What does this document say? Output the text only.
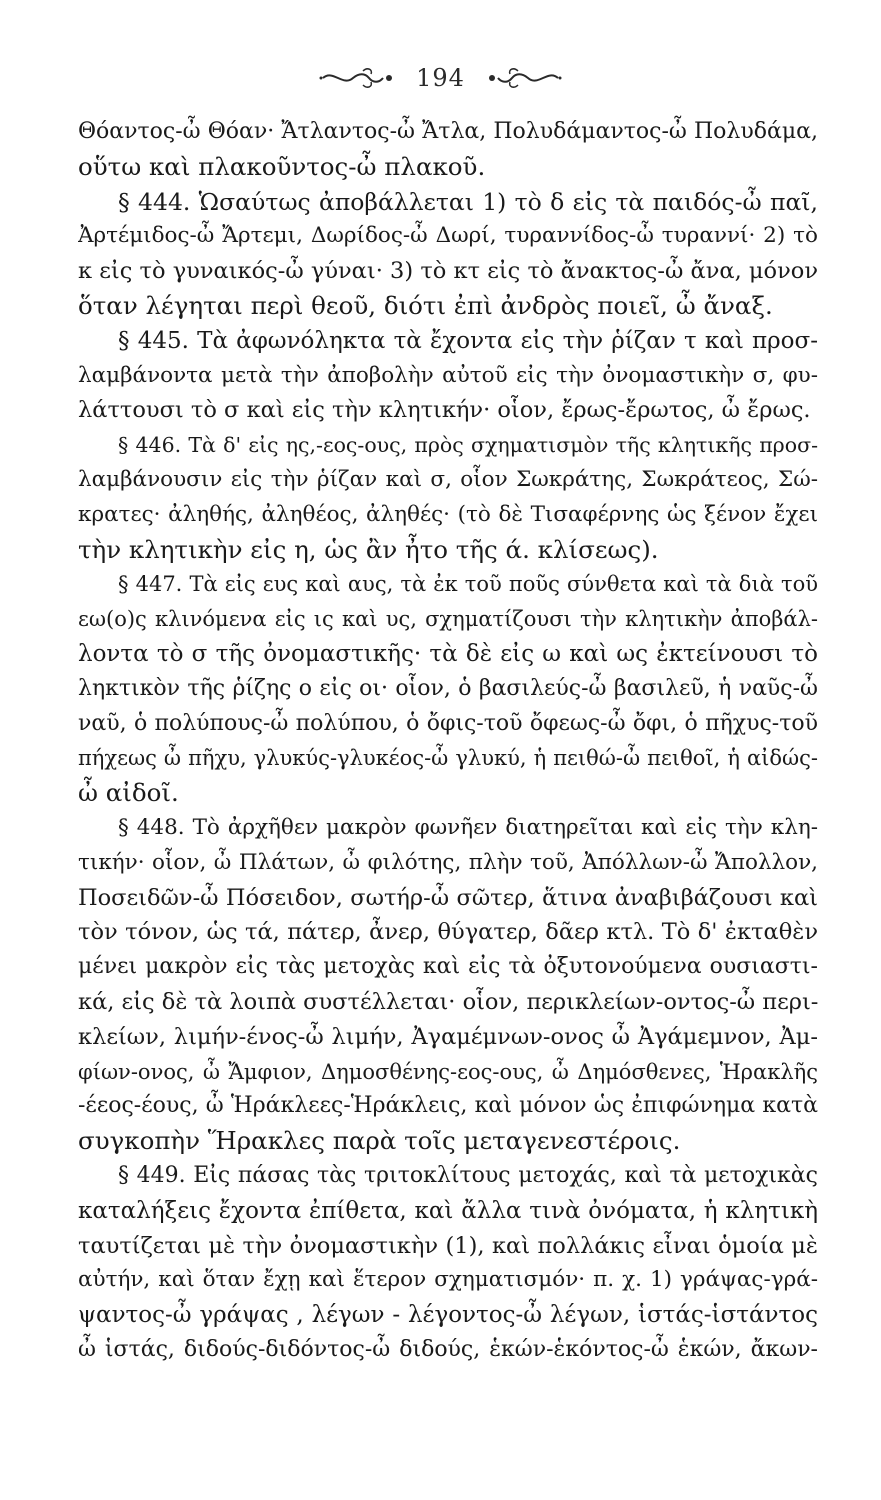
194
Θόαντος-ὦ Θόαν· Ἄτλαντος-ὦ Ἄτλα, Πολυδάμαντος-ὦ Πολυδάμα,
οὕτω καὶ πλακοῦντος-ὦ πλακοῦ.
§ 444. Ὡσαύτως ἀποβάλλεται 1) τὸ δ εἰς τὰ παιδός-ὦ παῖ,
Ἀρτέμιδος-ὦ Ἄρτεμι, Δωρίδος-ὦ Δωρί, τυραννίδος-ὦ τυραννί· 2) τὸ
κ εἰς τὸ γυναικός-ὦ γύναι· 3) τὸ κτ εἰς τὸ ἄνακτος-ὦ ἄνα, μόνον
ὅταν λέγηται περὶ θεοῦ, διότι ἐπὶ ἀνδρὸς ποιεῖ, ὦ ἄναξ.
§ 445. Τὰ ἀφωνόληκτα τὰ ἔχοντα εἰς τὴν ῥίζαν τ καὶ προσ-
λαμβάνοντα μετὰ τὴν ἀποβολὴν αὐτοῦ εἰς τὴν ὀνομαστικὴν σ, φυ-
λάττουσι τὸ σ καὶ εἰς τὴν κλητικήν· οἷον, ἔρως-ἔρωτος, ὦ ἔρως.
§ 446. Τὰ δ' εἰς ης,-εος-ους, πρὸς σχηματισμὸν τῆς κλητικῆς προσ-
λαμβάνουσιν εἰς τὴν ῥίζαν καὶ σ, οἷον Σωκράτης, Σωκράτεος, Σώ-
κρατες· ἀληθής, ἀληθέος, ἀληθές· (τὸ δὲ Τισαφέρνης ὡς ξένον ἔχει
τὴν κλητικὴν εἰς η, ὡς ἂν ἦτο τῆς ά. κλίσεως).
§ 447. Τὰ εἰς ευς καὶ αυς, τὰ ἐκ τοῦ ποῦς σύνθετα καὶ τὰ διὰ τοῦ
εω(ο)ς κλινόμενα εἰς ις καὶ υς, σχηματίζουσι τὴν κλητικὴν ἀποβάλ-
λοντα τὸ σ τῆς ὀνομαστικῆς· τὰ δὲ εἰς ω καὶ ως ἐκτείνουσι τὸ
ληκτικὸν τῆς ῥίζης ο εἰς οι· οἷον, ὁ βασιλεύς-ὦ βασιλεῦ, ἡ ναῦς-ὦ
ναῦ, ὁ πολύπους-ὦ πολύπου, ὁ ὄφις-τοῦ ὄφεως-ὦ ὄφι, ὁ πῆχυς-τοῦ
πήχεως ὦ πῆχυ, γλυκύς-γλυκέος-ὦ γλυκύ, ἡ πειθώ-ὦ πειθοῖ, ἡ αἰδώς-
ὦ αἰδοῖ.
§ 448. Τὸ ἀρχῆθεν μακρὸν φωνῆεν διατηρεῖται καὶ εἰς τὴν κλη-
τικήν· οἷον, ὦ Πλάτων, ὦ φιλότης, πλὴν τοῦ, Ἀπόλλων-ὦ Ἄπολλον,
Ποσειδῶν-ὦ Πόσειδον, σωτήρ-ὦ σῶτερ, ἅτινα ἀναβιβάζουσι καὶ
τὸν τόνον, ὡς τά, πάτερ, ἆνερ, θύγατερ, δᾶερ κτλ. Τὸ δ' ἐκταθὲν
μένει μακρὸν εἰς τὰς μετοχὰς καὶ εἰς τὰ ὀξυτονούμενα ουσιαστι-
κά, εἰς δὲ τὰ λοιπὰ συστέλλεται· οἷον, περικλείων-οντος-ὦ περι-
κλείων, λιμήν-ένος-ὦ λιμήν, Ἀγαμέμνων-ονος ὦ Ἀγάμεμνον, Ἀμ-
φίων-ονος, ὦ Ἄμφιον, Δημοσθένης-εος-ους, ὦ Δημόσθενες, Ἡρακλῆς
-έεος-έους, ὦ Ἡράκλεες-Ἡράκλεις, καὶ μόνον ὡς ἐπιφώνημα κατὰ
συγκοπὴν Ἥρακλες παρὰ τοῖς μεταγενεστέροις.
§ 449. Εἰς πάσας τὰς τριτοκλίτους μετοχάς, καὶ τὰ μετοχικὰς
καταλήξεις ἔχοντα ἐπίθετα, καὶ ἄλλα τινὰ ὀνόματα, ἡ κλητικὴ
ταυτίζεται μὲ τὴν ὀνομαστικὴν (1), καὶ πολλάκις εἶναι ὁμοία μὲ
αὐτήν, καὶ ὅταν ἔχῃ καὶ ἕτερον σχηματισμόν· π. χ. 1) γράψας-γρά-
ψαντος-ὦ γράψας , λέγων - λέγοντος-ὦ λέγων, ἱστάς-ἱστάντος
ὦ ἱστάς, διδούς-διδόντος-ὦ διδούς, ἑκών-ἑκόντος-ὦ ἑκών, ἄκων-
